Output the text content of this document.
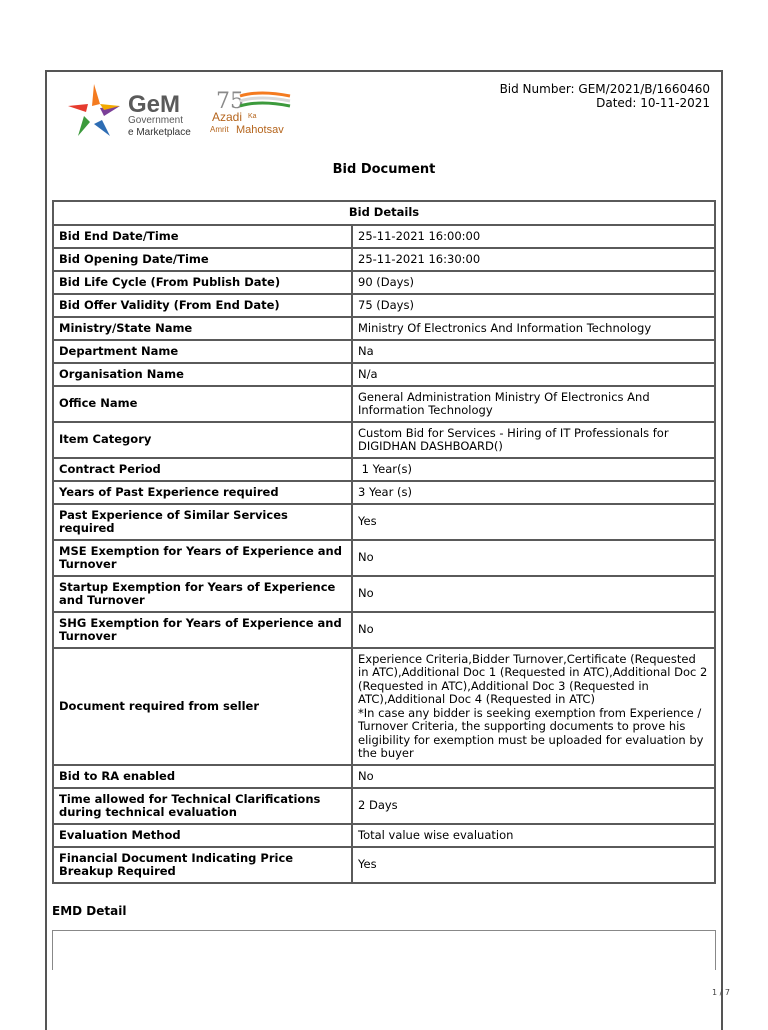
GeM
Government
e Marketplace
75
Azadi Ka
Amrit Mahotsav
Bid Number: GEM/2021/B/1660460
Dated: 10-11-2021
Bid Document
Bid Details	
Bid End Date/Time	25-11-2021 16:00:00
Bid Opening Date/Time	25-11-2021 16:30:00
Bid Life Cycle (From Publish Date)	90 (Days)
Bid Offer Validity (From End Date)	75 (Days)
Ministry/State Name	Ministry Of Electronics And Information Technology
Department Name	Na
Organisation Name	N/a
Office Name	General Administration Ministry Of Electronics And Information Technology
Item Category	Custom Bid for Services - Hiring of IT Professionals for DIGIDHAN DASHBOARD()
Contract Period	1 Year(s)
Years of Past Experience required	3 Year (s)
Past Experience of Similar Services required	Yes
MSE Exemption for Years of Experience and Turnover	No
Startup Exemption for Years of Experience and Turnover	No
SHG Exemption for Years of Experience and Turnover	No
Document required from seller	Experience Criteria,Bidder Turnover,Certificate (Requested in ATC),Additional Doc 1 (Requested in ATC),Additional Doc 2 (Requested in ATC),Additional Doc 3 (Requested in ATC),Additional Doc 4 (Requested in ATC)
*In case any bidder is seeking exemption from Experience / Turnover Criteria, the supporting documents to prove his eligibility for exemption must be uploaded for evaluation by the buyer

Bid to RA enabled	No
Time allowed for Technical Clarifications during technical evaluation	2 Days
Evaluation Method	Total value wise evaluation
Financial Document Indicating Price Breakup Required	Yes
EMD Detail
1 / 7
